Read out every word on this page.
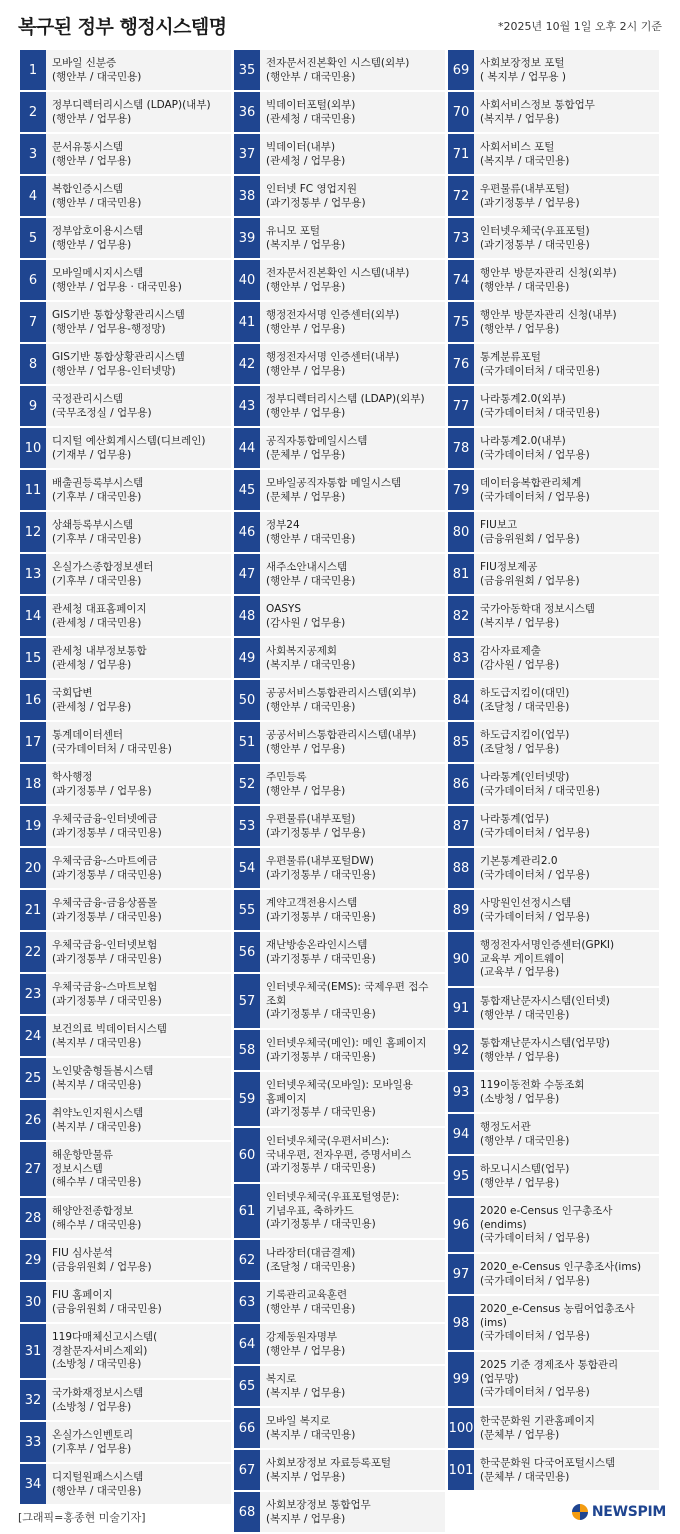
복구된 정부 행정시스템명	*2025년 10월 1일 오후 2시 기준
1	모바일 신분증
(행안부 / 대국민용)
2	정부디렉터리시스템 (LDAP)(내부)
(행안부 / 업무용)
3	문서유통시스템
(행안부 / 업무용)
4	복합인증시스템
(행안부 / 대국민용)
5	정부암호이용시스템
(행안부 / 업무용)
6	모바일메시지시스템
(행안부 / 업무용 · 대국민용)
7	GIS기반 통합상황관리시스템
(행안부 / 업무용-행정망)
8	GIS기반 통합상황관리시스템
(행안부 / 업무용-인터넷망)
9	국정관리시스템
(국무조정실 / 업무용)
10	디지털 예산회계시스템(디브레인)
(기재부 / 업무용)
11	배출권등록부시스템
(기후부 / 대국민용)
12	상쇄등록부시스템
(기후부 / 대국민용)
13	온실가스종합정보센터
(기후부 / 대국민용)
14	관세청 대표홈페이지
(관세청 / 대국민용)
15	관세청 내부정보통합
(관세청 / 업무용)
16	국회답변
(관세청 / 업무용)
17	통계데이터센터
(국가데이터처 / 대국민용)
18	학사행정
(과기정통부 / 업무용)
19	우체국금융-인터넷예금
(과기정통부 / 대국민용)
20	우체국금융-스마트예금
(과기정통부 / 대국민용)
21	우체국금융-금융상품몰
(과기정통부 / 대국민용)
22	우체국금융-인터넷보험
(과기정통부 / 대국민용)
23	우체국금융-스마트보험
(과기정통부 / 대국민용)
24	보건의료 빅데이터시스템
(복지부 / 대국민용)
25	노인맞춤형돌봄시스템
(복지부 / 대국민용)
26	취약노인지원시스템
(복지부 / 대국민용)
27
해운항만물류
정보시스템
(해수부 / 대국민용)
28	해양안전종합정보
(해수부 / 대국민용)
29	FIU 심사분석
(금융위원회 / 업무용)
30	FIU 홈페이지
(금융위원회 / 대국민용)
31
119다매체신고시스템(
경찰문자서비스제외)
(소방청 / 대국민용)
32	국가화재정보시스템
(소방청 / 업무용)
33	온실가스인벤토리
(기후부 / 업무용)
34	디지털원패스시스템
(행안부 / 대국민용)
35	전자문서진본확인 시스템(외부)
(행안부 / 대국민용)
36	빅데이터포털(외부)
(관세청 / 대국민용)
37	빅데이터(내부)
(관세청 / 업무용)
38	인터넷 FC 영업지원
(과기정통부 / 업무용)
39	유니모 포털
(복지부 / 업무용)
40	전자문서진본확인 시스템(내부)
(행안부 / 업무용)
41	행정전자서명 인증센터(외부)
(행안부 / 업무용)
42	행정전자서명 인증센터(내부)
(행안부 / 업무용)
43	정부디렉터리시스템 (LDAP)(외부)
(행안부 / 업무용)
44	공직자통합메일시스템
(문체부 / 업무용)
45	모바일공직자통합 메일시스템
(문체부 / 업무용)
46	정부24
(행안부 / 대국민용)
47	새주소안내시스템
(행안부 / 대국민용)
48	OASYS
(감사원 / 업무용)
49	사회복지공제회
(복지부 / 대국민용)
50	공공서비스통합관리시스템(외부)
(행안부 / 대국민용)
51	공공서비스통합관리시스템(내부)
(행안부 / 업무용)
52	주민등록
(행안부 / 업무용)
53	우편물류(내부포털)
(과기정통부 / 업무용)
54	우편물류(내부포털DW)
(과기정통부 / 대국민용)
55	계약고객전용시스템
(과기정통부 / 대국민용)
56	재난방송온라인시스템
(과기정통부 / 대국민용)
57
인터넷우체국(EMS): 국제우편 접수
조회
(과기정통부 / 대국민용)
58	인터넷우체국(메인): 메인 홈페이지
(과기정통부 / 대국민용)
59
인터넷우체국(모바일): 모바일용
홈페이지
(과기정통부 / 대국민용)
60
인터넷우체국(우편서비스):
국내우편, 전자우편, 증명서비스
(과기정통부 / 대국민용)
61
인터넷우체국(우표포털영문):
기념우표, 축하카드
(과기정통부 / 대국민용)
62	나라장터(대금결제)
(조달청 / 대국민용)
63	기록관리교육훈련
(행안부 / 대국민용)
64	강제동원자명부
(행안부 / 업무용)
65	복지로
(복지부 / 업무용)
66	모바일 복지로
(복지부 / 대국민용)
67	사회보장정보 자료등록포털
(복지부 / 업무용)
68	사회보장정보 통합업무
(복지부 / 업무용)
69	사회보장정보 포털
( 복지부 / 업무용 )
70	사회서비스정보 통합업무
(복지부 / 업무용)
71	사회서비스 포털
(복지부 / 대국민용)
72	우편물류(내부포털)
(과기정통부 / 업무용)
73	인터넷우체국(우표포털)
(과기정통부 / 대국민용)
74	행안부 방문자관리 신청(외부)
(행안부 / 대국민용)
75	행안부 방문자관리 신청(내부)
(행안부 / 업무용)
76	통계분류포털
(국가데이터처 / 대국민용)
77	나라통계2.0(외부)
(국가데이터처 / 대국민용)
78	나라통계2.0(내부)
(국가데이터처 / 업무용)
79	데이터융복합관리체계
(국가데이터처 / 업무용)
80	FIU보고
(금융위원회 / 업무용)
81	FIU정보제공
(금융위원회 / 업무용)
82	국가아동학대 정보시스템
(복지부 / 업무용)
83	감사자료제출
(감사원 / 업무용)
84	하도급지킴이(대민)
(조달청 / 대국민용)
85	하도급지킴이(업무)
(조달청 / 업무용)
86	나라통계(인터넷망)
(국가데이터처 / 대국민용)
87	나라통계(업무)
(국가데이터처 / 업무용)
88	기본통계관리2.0
(국가데이터처 / 업무용)
89	사망원인선정시스템
(국가데이터처 / 업무용)
90
행정전자서명인증센터(GPKI)
교육부 게이트웨이
(교육부 / 업무용)
91	통합재난문자시스템(인터넷)
(행안부 / 대국민용)
92	통합재난문자시스템(업무망)
(행안부 / 업무용)
93	119이동전화 수동조회
(소방청 / 업무용)
94	행정도서관
(행안부 / 대국민용)
95	하모니시스템(업무)
(행안부 / 업무용)
96
2020 e-Census 인구총조사
(endims)
(국가데이터처 / 업무용)
97	2020_e-Census 인구총조사(ims)
(국가데이터처 / 업무용)
98
2020_e-Census 농림어업총조사
(ims)
(국가데이터처 / 업무용)
99
2025 기준 경제조사 통합관리
(업무망)
(국가데이터처 / 업무용)
100 한국문화원 기관홈페이지
(문체부 / 업무용)
101 한국문화원 다국어포털시스템
(문체부 / 대국민용)
[그래픽=홍종현 미술기자]	NEWSPIM
